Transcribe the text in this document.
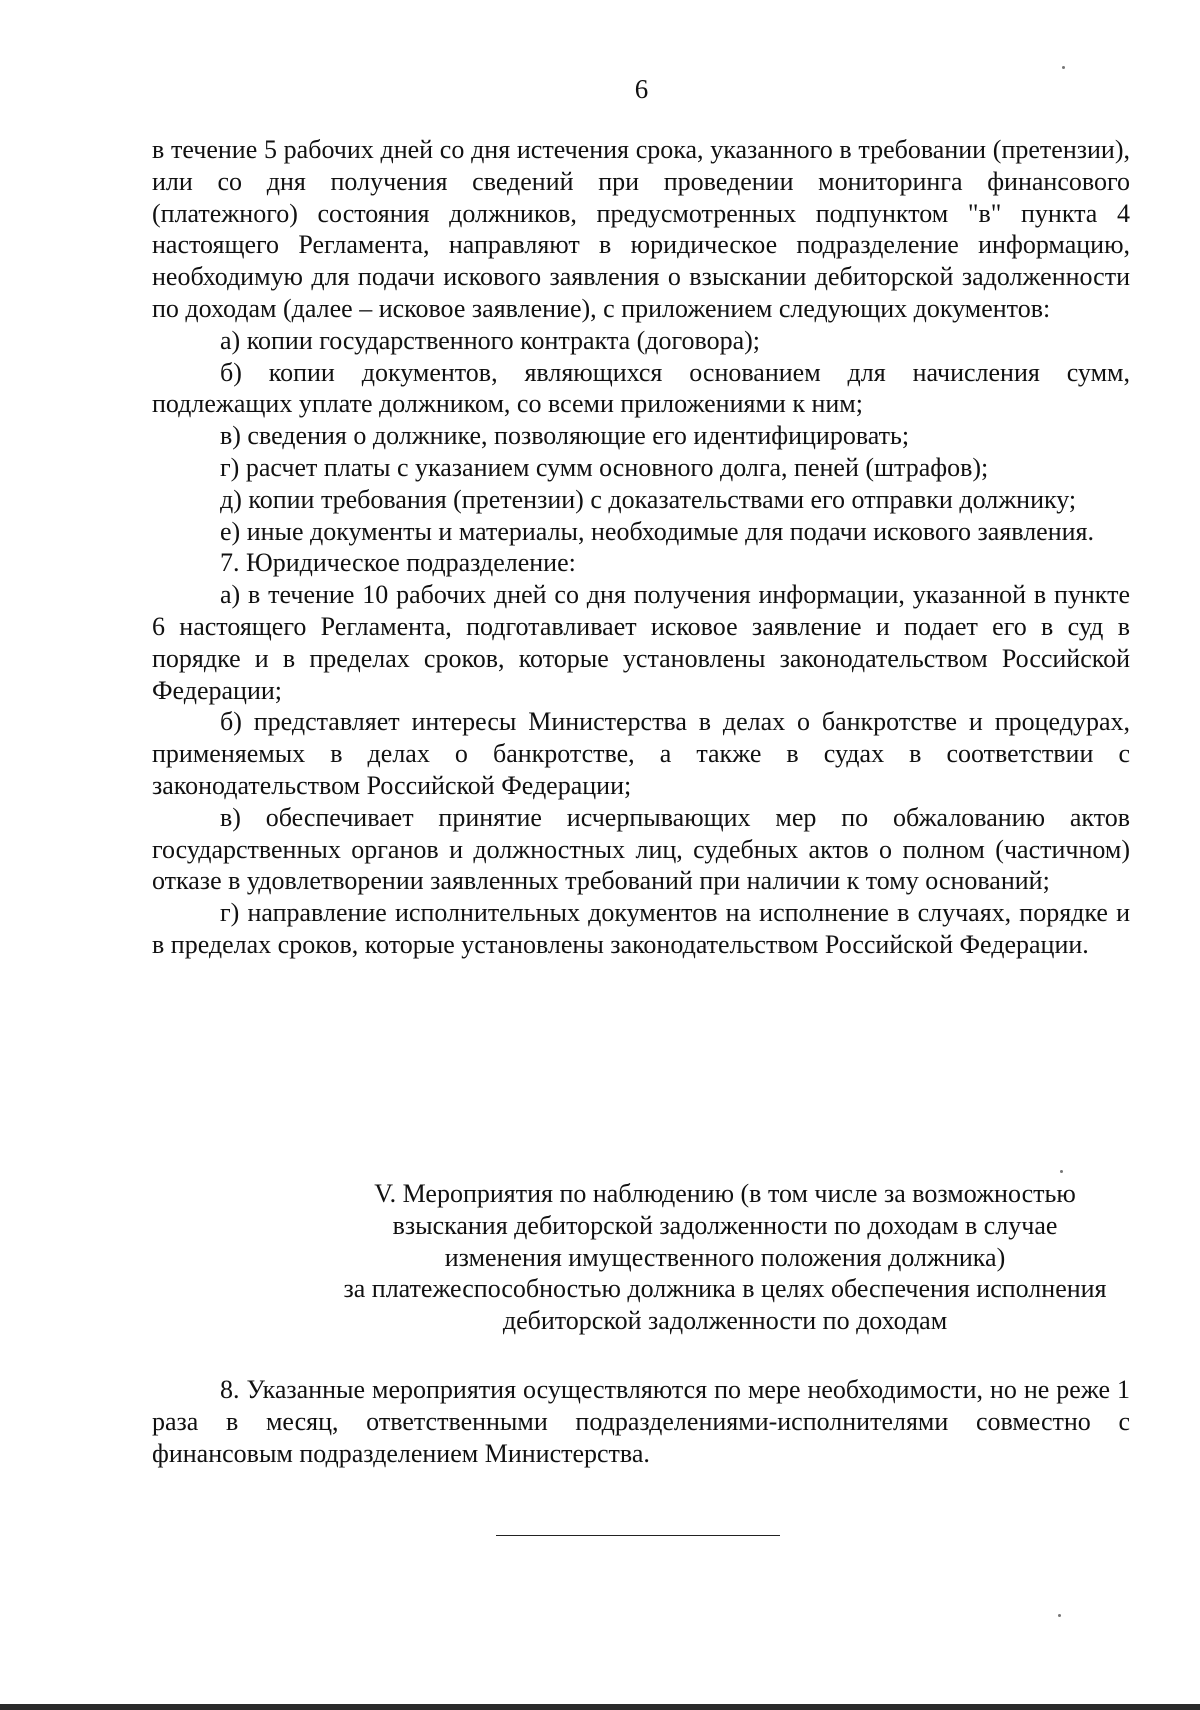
6

в течение 5 рабочих дней со дня истечения срока, указанного в требовании (претензии), или со дня получения сведений при проведении мониторинга финансового (платежного) состояния должников, предусмотренных подпунктом "в" пункта 4 настоящего Регламента, направляют в юридическое подразделение информацию, необходимую для подачи искового заявления о взыскании дебиторской задолженности по доходам (далее – исковое заявление), с приложением следующих документов:

а) копии государственного контракта (договора);

б) копии документов, являющихся основанием для начисления сумм, подлежащих уплате должником, со всеми приложениями к ним;

в) сведения о должнике, позволяющие его идентифицировать;

г) расчет платы с указанием сумм основного долга, пеней (штрафов);

д) копии требования (претензии) с доказательствами его отправки должнику;

е) иные документы и материалы, необходимые для подачи искового заявления.

7. Юридическое подразделение:

а) в течение 10 рабочих дней со дня получения информации, указанной в пункте 6 настоящего Регламента, подготавливает исковое заявление и подает его в суд в порядке и в пределах сроков, которые установлены законодательством Российской Федерации;

б) представляет интересы Министерства в делах о банкротстве и процедурах, применяемых в делах о банкротстве, а также в судах в соответствии с законодательством Российской Федерации;

в) обеспечивает принятие исчерпывающих мер по обжалованию актов государственных органов и должностных лиц, судебных актов о полном (частичном) отказе в удовлетворении заявленных требований при наличии к тому оснований;

г) направление исполнительных документов на исполнение в случаях, порядке и в пределах сроков, которые установлены законодательством Российской Федерации.

V. Мероприятия по наблюдению (в том числе за возможностью
взыскания дебиторской задолженности по доходам в случае
изменения имущественного положения должника)
за платежеспособностью должника в целях обеспечения исполнения
дебиторской задолженности по доходам

8. Указанные мероприятия осуществляются по мере необходимости, но не реже 1 раза в месяц, ответственными подразделениями-исполнителями совместно с финансовым подразделением Министерства.
